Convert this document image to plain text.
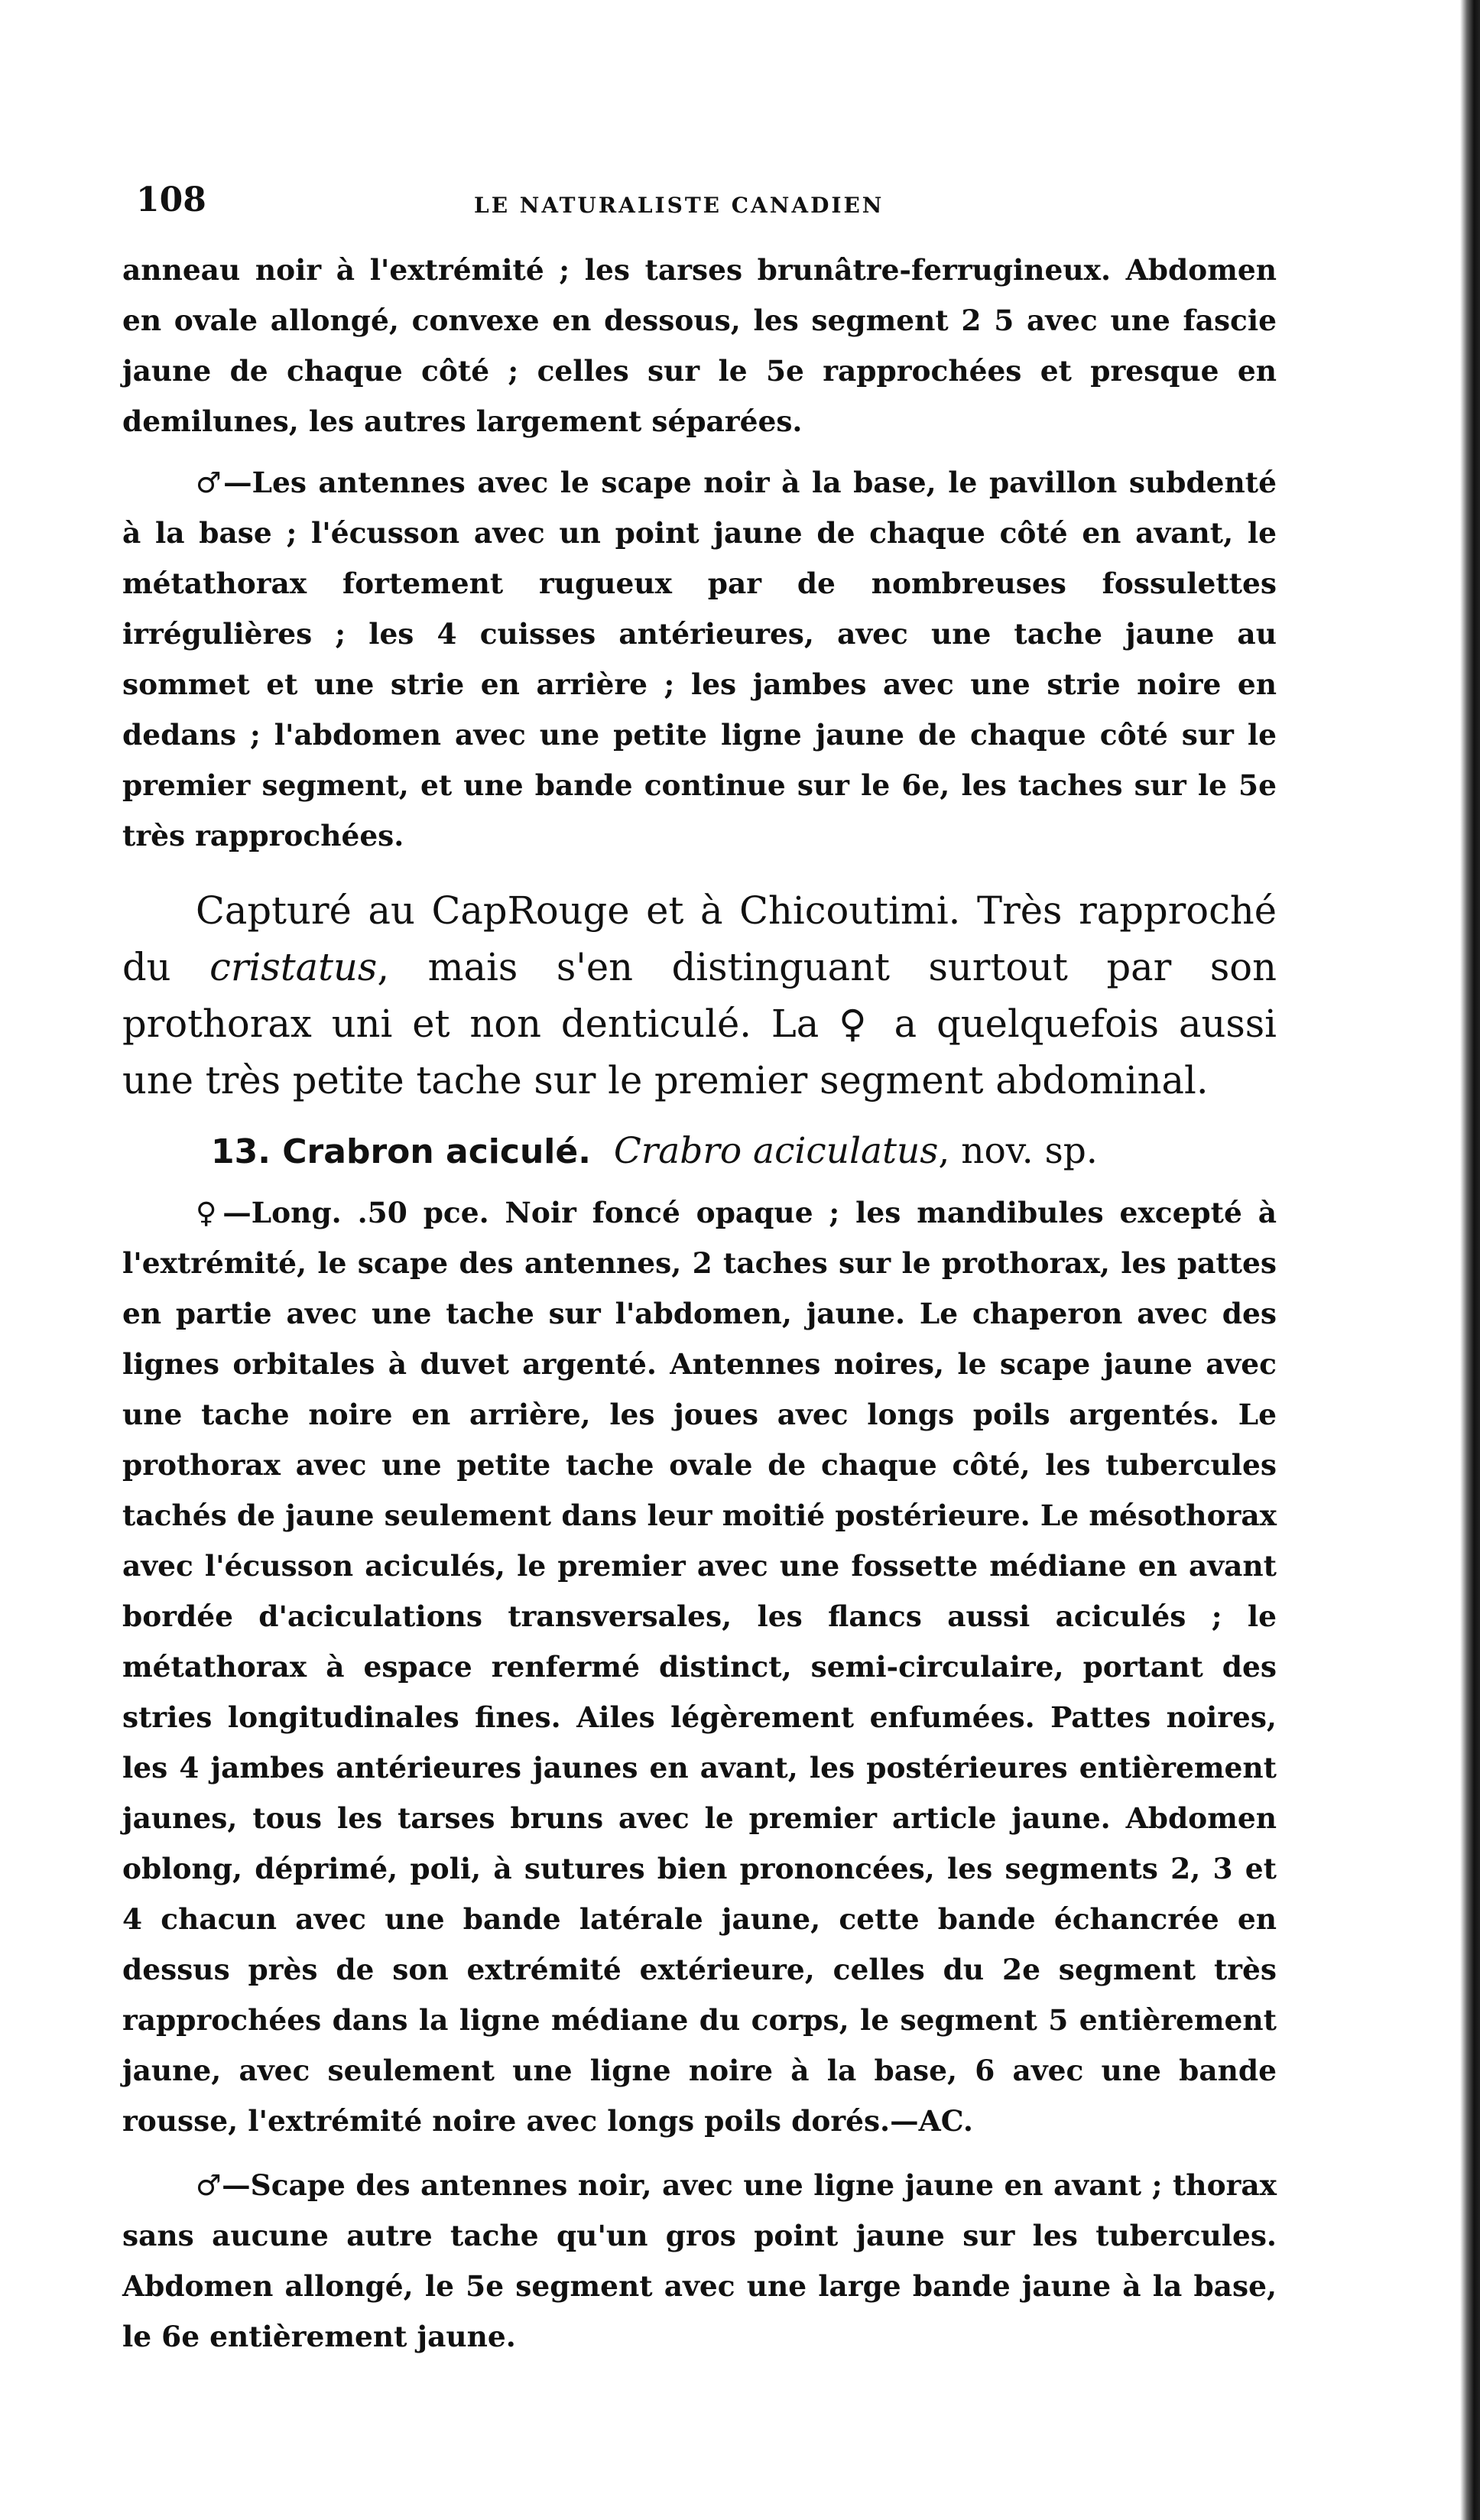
108	LE NATURALISTE CANADIEN

anneau noir à l'extrémité ; les tarses brunâtre-ferrugineux. Abdomen en ovale allongé, convexe en dessous, les segment 2 5 avec une fascie jaune de chaque côté ; celles sur le 5e rapprochées et presque en demilunes, les autres largement séparées.

♂—Les antennes avec le scape noir à la base, le pavillon subdenté à la base ; l'écusson avec un point jaune de chaque côté en avant, le métathorax fortement rugueux par de nombreuses fossulettes irrégulières ; les 4 cuisses antérieures, avec une tache jaune au sommet et une strie en arrière ; les jambes avec une strie noire en dedans ; l'abdomen avec une petite ligne jaune de chaque côté sur le premier segment, et une bande continue sur le 6e, les taches sur le 5e très rapprochées.

Capturé au CapRouge et à Chicoutimi. Très rapproché du cristatus, mais s'en distinguant surtout par son prothorax uni et non denticulé. La ♀ a quelquefois aussi une très petite tache sur le premier segment abdominal.

13. Crabron aciculé. Crabro aciculatus, nov. sp.

♀—Long. .50 pce. Noir foncé opaque ; les mandibules excepté à l'extrémité, le scape des antennes, 2 taches sur le prothorax, les pattes en partie avec une tache sur l'abdomen, jaune. Le chaperon avec des lignes orbitales à duvet argenté. Antennes noires, le scape jaune avec une tache noire en arrière, les joues avec longs poils argentés. Le prothorax avec une petite tache ovale de chaque côté, les tubercules tachés de jaune seulement dans leur moitié postérieure. Le mésothorax avec l'écusson aciculés, le premier avec une fossette médiane en avant bordée d'aciculations transversales, les flancs aussi aciculés ; le métathorax à espace renfermé distinct, semi-circulaire, portant des stries longitudinales fines. Ailes légèrement enfumées. Pattes noires, les 4 jambes antérieures jaunes en avant, les postérieures entièrement jaunes, tous les tarses bruns avec le premier article jaune. Abdomen oblong, déprimé, poli, à sutures bien prononcées, les segments 2, 3 et 4 chacun avec une bande latérale jaune, cette bande échancrée en dessus près de son extrémité extérieure, celles du 2e segment très rapprochées dans la ligne médiane du corps, le segment 5 entièrement jaune, avec seulement une ligne noire à la base, 6 avec une bande rousse, l'extrémité noire avec longs poils dorés.—AC.

♂—Scape des antennes noir, avec une ligne jaune en avant ; thorax sans aucune autre tache qu'un gros point jaune sur les tubercules. Abdomen allongé, le 5e segment avec une large bande jaune à la base, le 6e entièrement jaune.
